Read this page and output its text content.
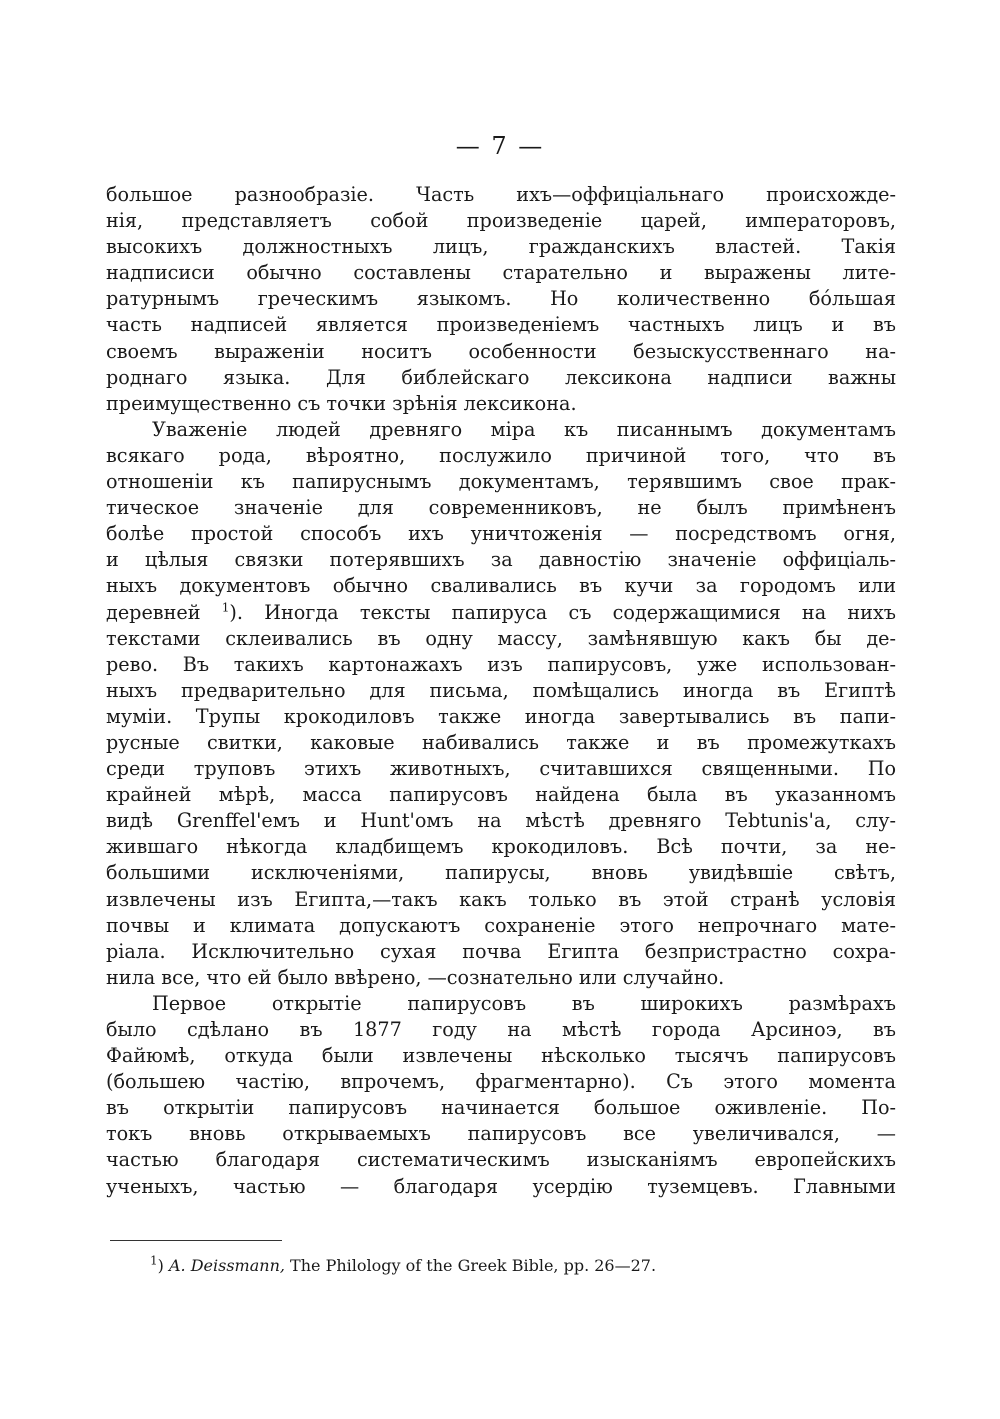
— 7 —
большое разнообразіе. Часть ихъ—оффиціальнаго происхожде-
нія, представляетъ собой произведеніе царей, императоровъ,
высокихъ должностныхъ лицъ, гражданскихъ властей. Такія
надписиси обычно составлены старательно и выражены лите-
ратурнымъ греческимъ языкомъ. Но количественно бóльшая
часть надписей является произведеніемъ частныхъ лицъ и въ
своемъ выраженіи носитъ особенности безыскусственнаго на-
роднаго языка. Для библейскаго лексикона надписи важны
преимущественно съ точки зрѣнія лексикона.
Уваженіе людей древняго міра къ писаннымъ документамъ
всякаго рода, вѣроятно, послужило причиной того, что въ
отношеніи къ папируснымъ документамъ, терявшимъ свое прак-
тическое значеніе для современниковъ, не былъ примѣненъ
болѣе простой способъ ихъ уничтоженія — посредствомъ огня,
и цѣлыя связки потерявшихъ за давностію значеніе оффиціаль-
ныхъ документовъ обычно сваливались въ кучи за городомъ или
деревней $^1$). Иногда тексты папируса съ содержащимися на нихъ
текстами склеивались въ одну массу, замѣнявшую какъ бы де-
рево. Въ такихъ картонажахъ изъ папирусовъ, уже использован-
ныхъ предварительно для письма, помѣщались иногда въ Египтѣ
муміи. Трупы крокодиловъ также иногда завертывались въ папи-
русные свитки, каковые набивались также и въ промежуткахъ
среди труповъ этихъ животныхъ, считавшихся священными. По
крайней мѣрѣ, масса папирусовъ найдена была въ указанномъ
видѣ Grenffel'емъ и Hunt'омъ на мѣстѣ древняго Tebtunis'а, слу-
жившаго нѣкогда кладбищемъ крокодиловъ. Всѣ почти, за не-
большими исключеніями, папирусы, вновь увидѣвшіе свѣтъ,
извлечены изъ Египта,—такъ какъ только въ этой странѣ условія
почвы и климата допускаютъ сохраненіе этого непрочнаго мате-
ріала. Исключительно сухая почва Египта безпристрастно сохра-
нила все, что ей было ввѣрено, —сознательно или случайно.
Первое открытіе папирусовъ въ широкихъ размѣрахъ
было сдѣлано въ 1877 году на мѣстѣ города Арсиноэ, въ
Файюмѣ, откуда были извлечены нѣсколько тысячъ папирусовъ
(большею частію, впрочемъ, фрагментарно). Съ этого момента
въ открытіи папирусовъ начинается большое оживленіе. По-
токъ вновь открываемыхъ папирусовъ все увеличивался, —
частью благодаря систематическимъ изысканіямъ европейскихъ
ученыхъ, частью — благодаря усердію туземцевъ. Главными
$^1$) A. Deissmann, The Philology of the Greek Bible, pp. 26—27.
